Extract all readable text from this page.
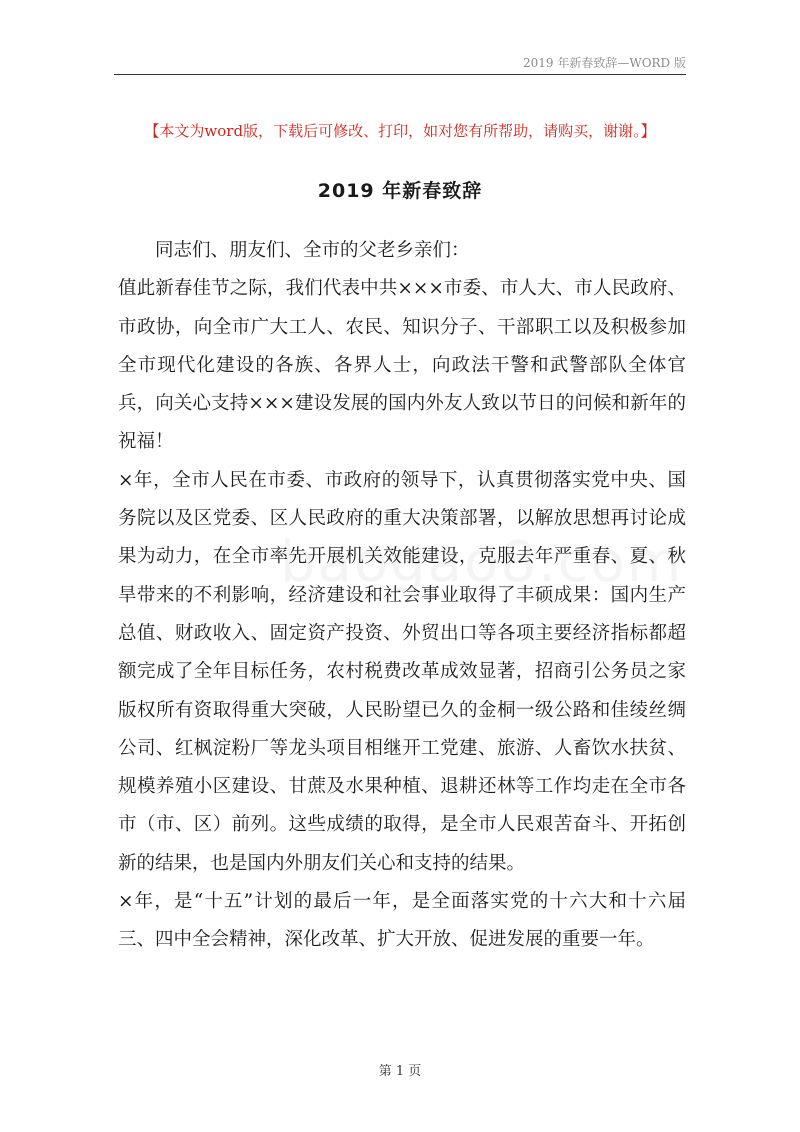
2019 年新春致辞—WORD 版
【本文为word版，下载后可修改、打印，如对您有所帮助，请购买，谢谢。】
2019 年新春致辞

同志们、朋友们、全市的父老乡亲们：

值此新春佳节之际，我们代表中共×××市委、市人大、市人民政府、市政协，向全市广大工人、农民、知识分子、干部职工以及积极参加全市现代化建设的各族、各界人士，向政法干警和武警部队全体官兵，向关心支持×××建设发展的国内外友人致以节日的问候和新年的祝福！

×年，全市人民在市委、市政府的领导下，认真贯彻落实党中央、国务院以及区党委、区人民政府的重大决策部署，以解放思想再讨论成果为动力，在全市率先开展机关效能建设，克服去年严重春、夏、秋旱带来的不利影响，经济建设和社会事业取得了丰硕成果：国内生产总值、财政收入、固定资产投资、外贸出口等各项主要经济指标都超额完成了全年目标任务，农村税费改革成效显著，招商引公务员之家版权所有资取得重大突破，人民盼望已久的金桐一级公路和佳绫丝绸公司、红枫淀粉厂等龙头项目相继开工党建、旅游、人畜饮水扶贫、规模养殖小区建设、甘蔗及水果种植、退耕还林等工作均走在全市各市（市、区）前列。这些成绩的取得，是全市人民艰苦奋斗、开拓创新的结果，也是国内外朋友们关心和支持的结果。

×年，是“十五”计划的最后一年，是全面落实党的十六大和十六届三、四中全会精神，深化改革、扩大开放、促进发展的重要一年。

第 1 页
